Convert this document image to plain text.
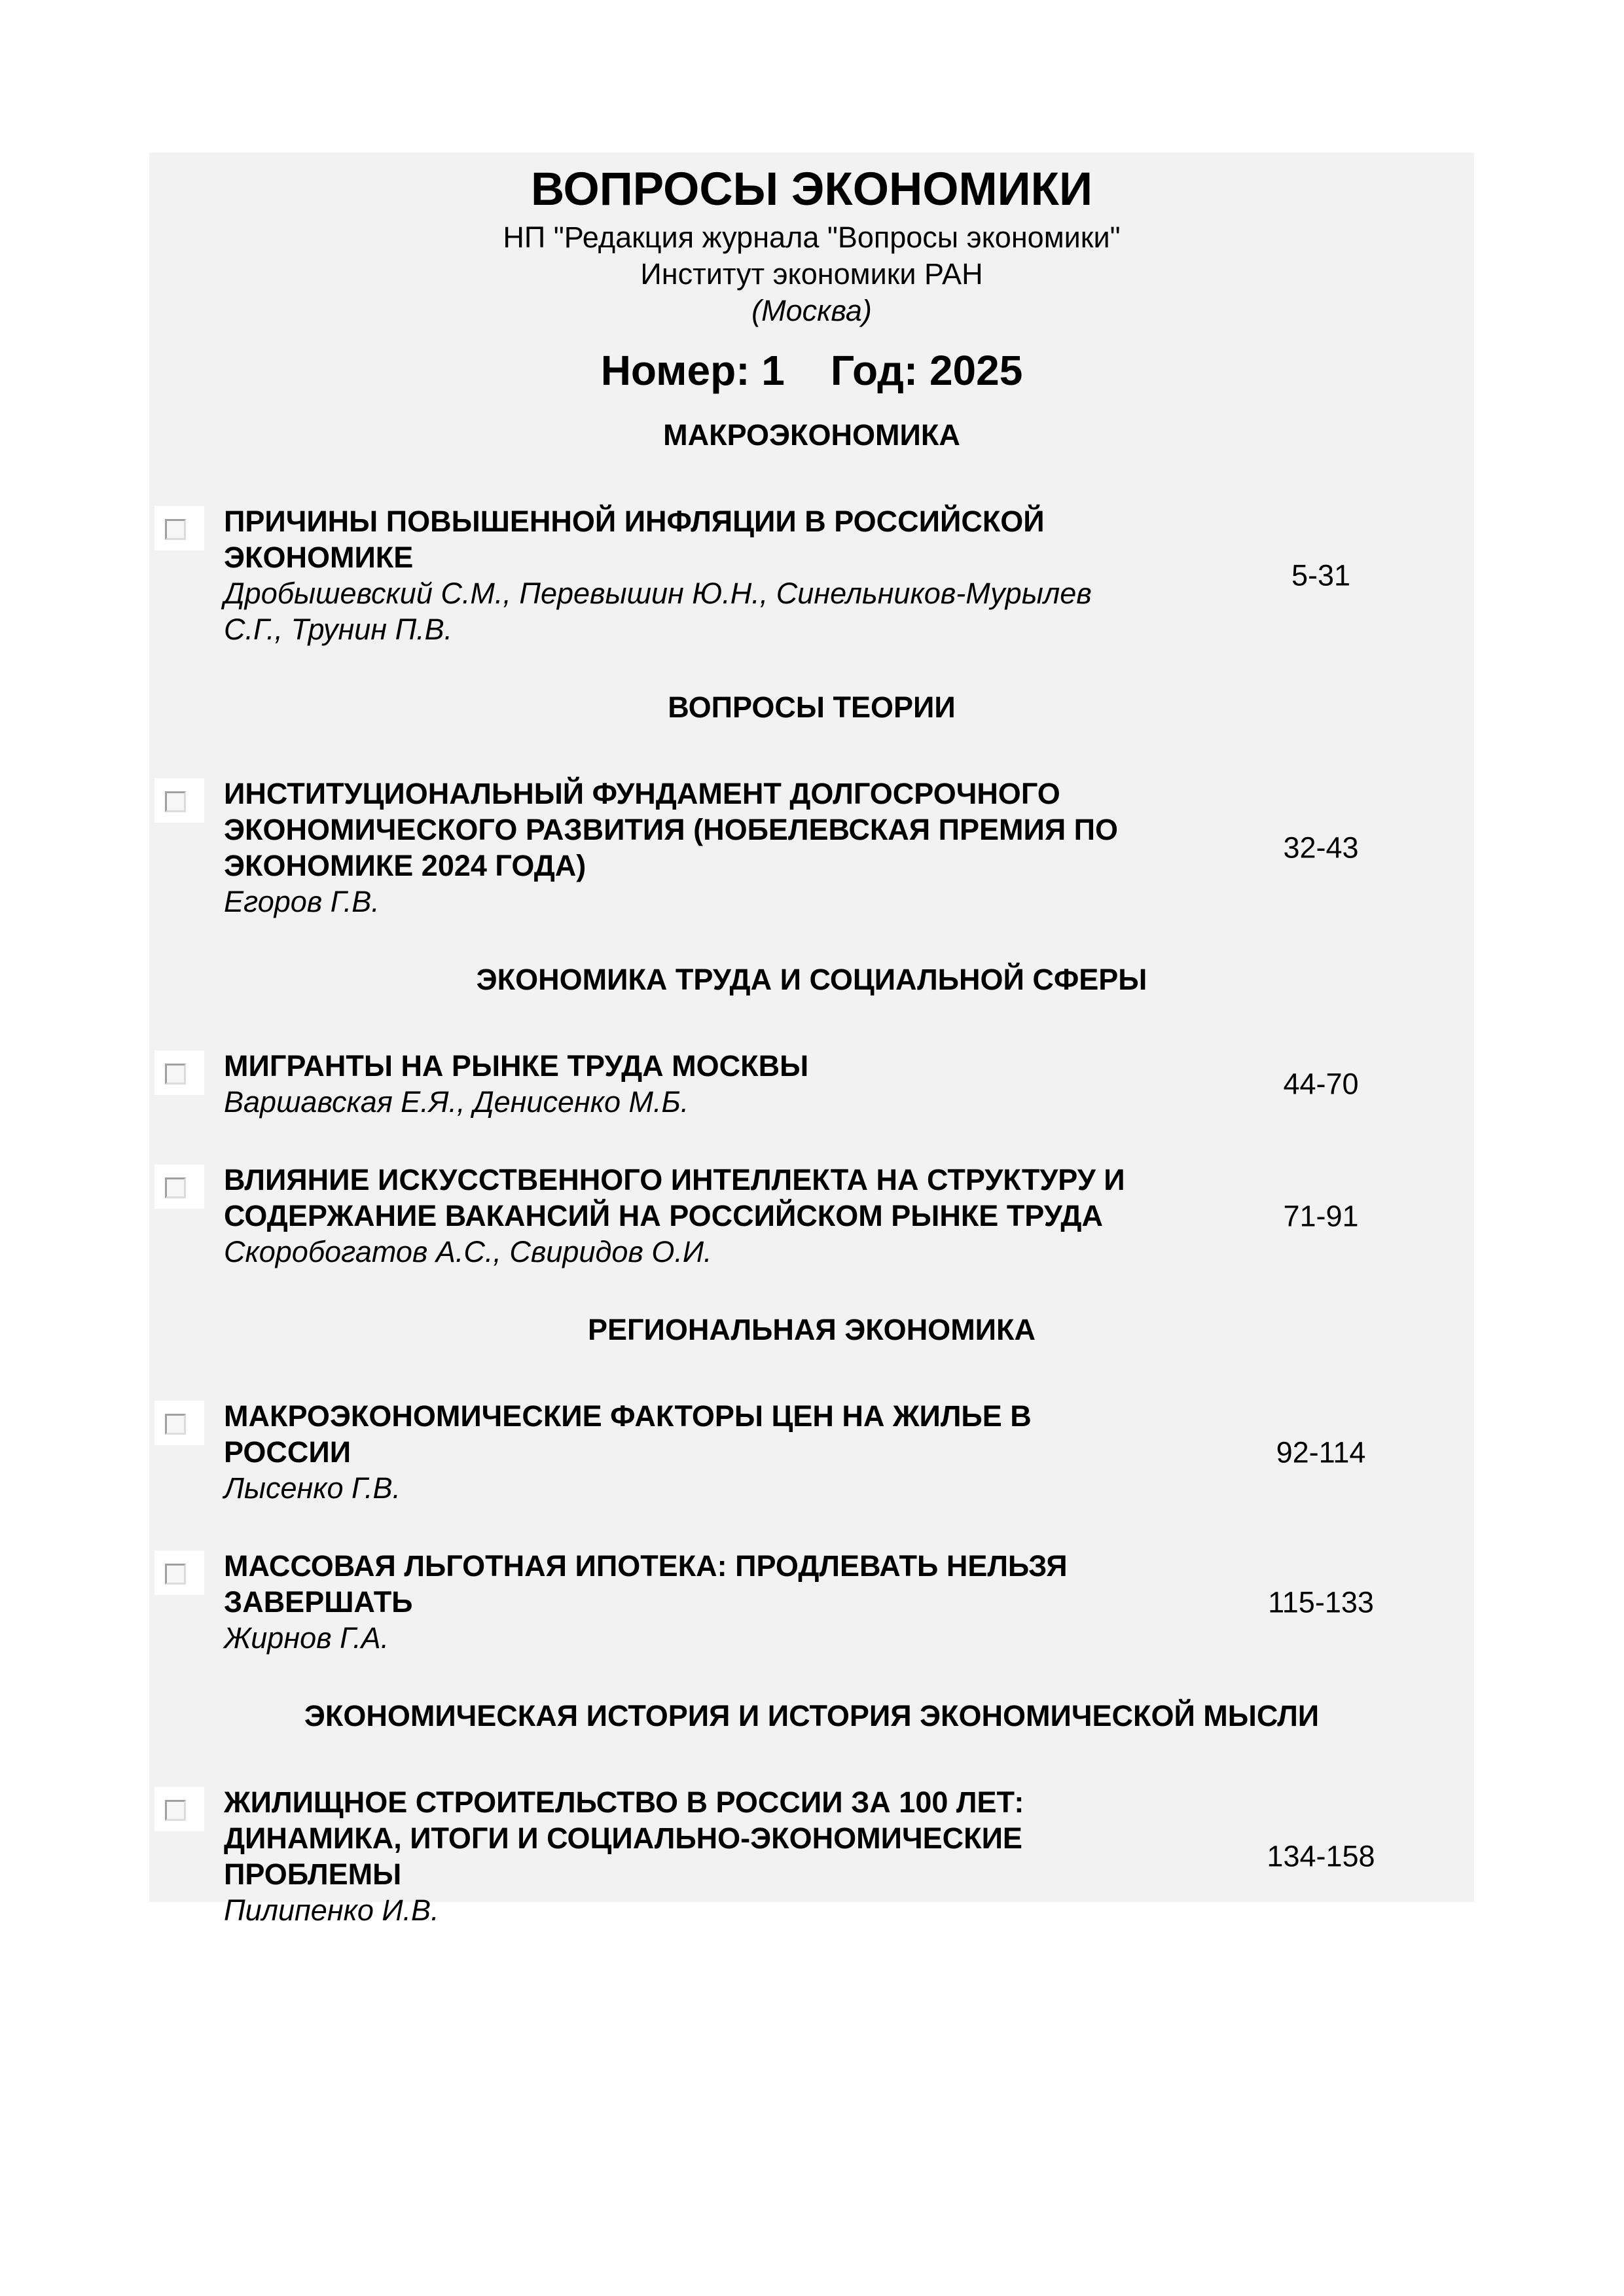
ВОПРОСЫ ЭКОНОМИКИ
НП "Редакция журнала "Вопросы экономики"
Институт экономики РАН
(Москва)
Номер: 1 Год: 2025
МАКРОЭКОНОМИКА
ПРИЧИНЫ ПОВЫШЕННОЙ ИНФЛЯЦИИ В РОССИЙСКОЙ ЭКОНОМИКЕ
Дробышевский С.М., Перевышин Ю.Н., Синельников-Мурылев С.Г., Трунин П.В.
5-31
ВОПРОСЫ ТЕОРИИ
ИНСТИТУЦИОНАЛЬНЫЙ ФУНДАМЕНТ ДОЛГОСРОЧНОГО ЭКОНОМИЧЕСКОГО РАЗВИТИЯ (НОБЕЛЕВСКАЯ ПРЕМИЯ ПО ЭКОНОМИКЕ 2024 ГОДА)
Егоров Г.В.
32-43
ЭКОНОМИКА ТРУДА И СОЦИАЛЬНОЙ СФЕРЫ
МИГРАНТЫ НА РЫНКЕ ТРУДА МОСКВЫ
Варшавская Е.Я., Денисенко М.Б.
44-70
ВЛИЯНИЕ ИСКУССТВЕННОГО ИНТЕЛЛЕКТА НА СТРУКТУРУ И СОДЕРЖАНИЕ ВАКАНСИЙ НА РОССИЙСКОМ РЫНКЕ ТРУДА
Скоробогатов А.С., Свиридов О.И.
71-91
РЕГИОНАЛЬНАЯ ЭКОНОМИКА
МАКРОЭКОНОМИЧЕСКИЕ ФАКТОРЫ ЦЕН НА ЖИЛЬЕ В РОССИИ
Лысенко Г.В.
92-114
МАССОВАЯ ЛЬГОТНАЯ ИПОТЕКА: ПРОДЛЕВАТЬ НЕЛЬЗЯ ЗАВЕРШАТЬ
Жирнов Г.А.
115-133
ЭКОНОМИЧЕСКАЯ ИСТОРИЯ И ИСТОРИЯ ЭКОНОМИЧЕСКОЙ МЫСЛИ
ЖИЛИЩНОЕ СТРОИТЕЛЬСТВО В РОССИИ ЗА 100 ЛЕТ: ДИНАМИКА, ИТОГИ И СОЦИАЛЬНО-ЭКОНОМИЧЕСКИЕ ПРОБЛЕМЫ
Пилипенко И.В.
134-158
